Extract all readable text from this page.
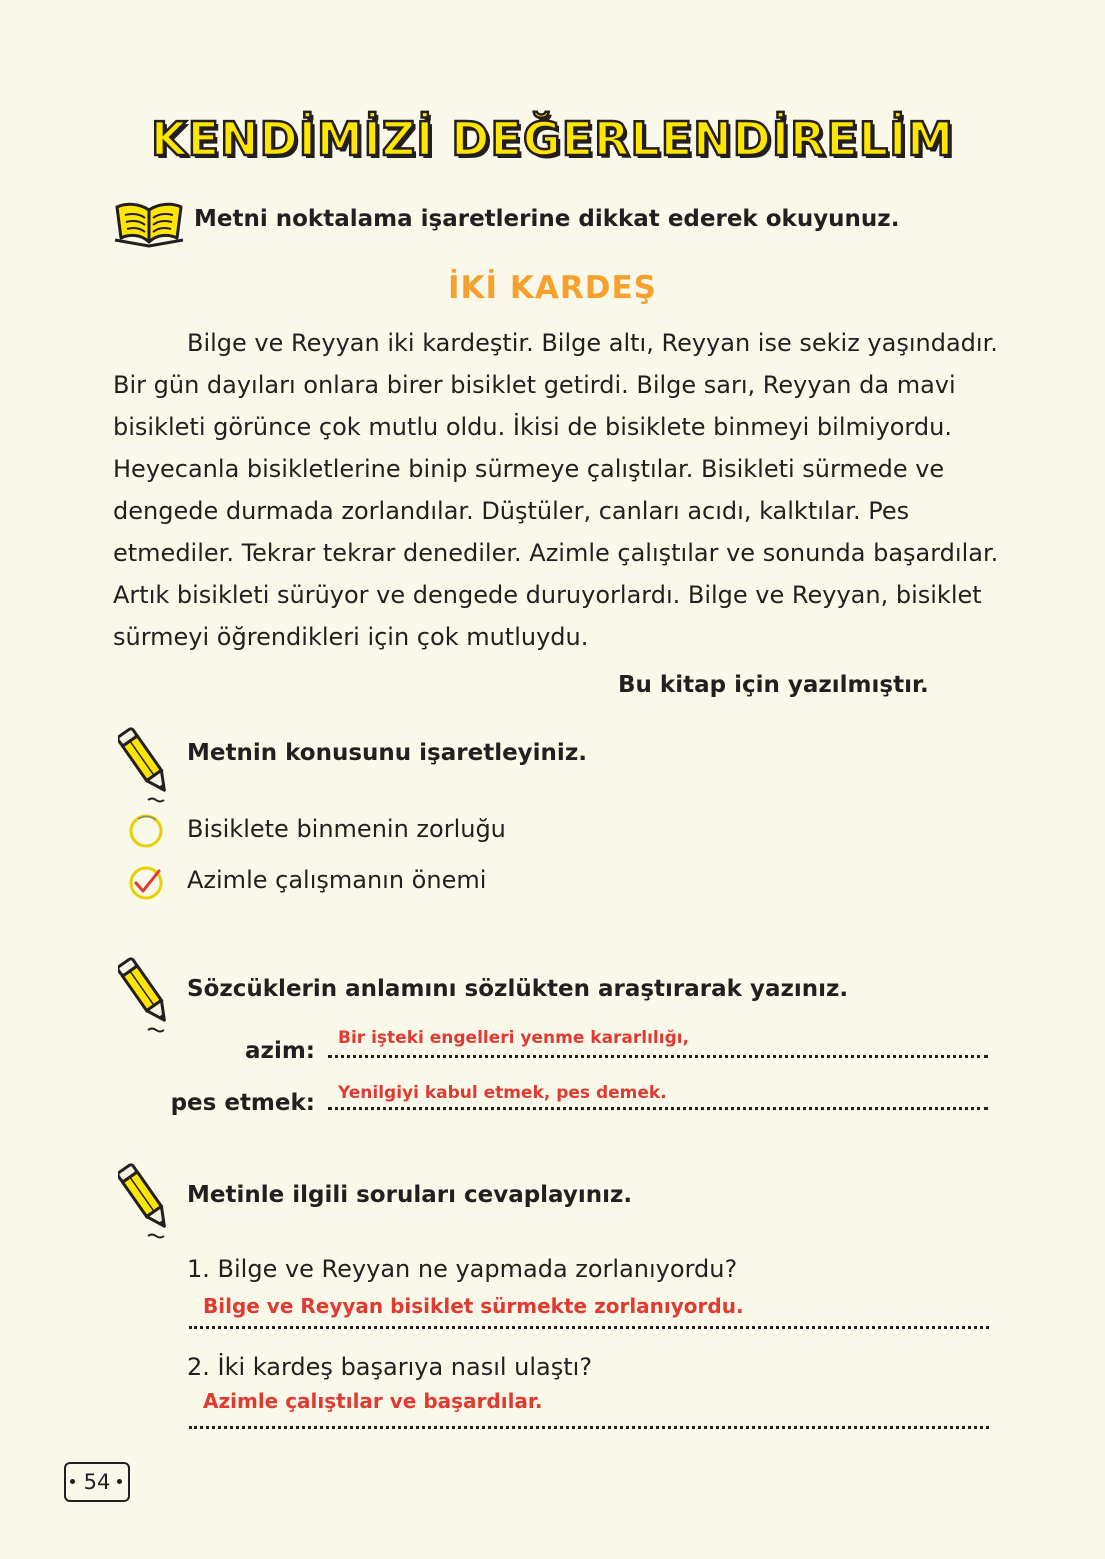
KENDİMİZİ DEĞERLENDİRELİM
Metni noktalama işaretlerine dikkat ederek okuyunuz.
İKİ KARDEŞ
Bilge ve Reyyan iki kardeştir. Bilge altı, Reyyan ise sekiz yaşındadır.
Bir gün dayıları onlara birer bisiklet getirdi. Bilge sarı, Reyyan da mavi
bisikleti görünce çok mutlu oldu. İkisi de bisiklete binmeyi bilmiyordu.
Heyecanla bisikletlerine binip sürmeye çalıştılar. Bisikleti sürmede ve
dengede durmada zorlandılar. Düştüler, canları acıdı, kalktılar. Pes
etmediler. Tekrar tekrar denediler. Azimle çalıştılar ve sonunda başardılar.
Artık bisikleti sürüyor ve dengede duruyorlardı. Bilge ve Reyyan, bisiklet
sürmeyi öğrendikleri için çok mutluydu.
Bu kitap için yazılmıştır.
Metnin konusunu işaretleyiniz.
Bisiklete binmenin zorluğu
Azimle çalışmanın önemi
Sözcüklerin anlamını sözlükten araştırarak yazınız.
azim: Bir işteki engelleri yenme kararlılığı,
pes etmek: Yenilgiyi kabul etmek, pes demek.
Metinle ilgili soruları cevaplayınız.
1. Bilge ve Reyyan ne yapmada zorlanıyordu?
Bilge ve Reyyan bisiklet sürmekte zorlanıyordu.
2. İki kardeş başarıya nasıl ulaştı?
Azimle çalıştılar ve başardılar.
54
